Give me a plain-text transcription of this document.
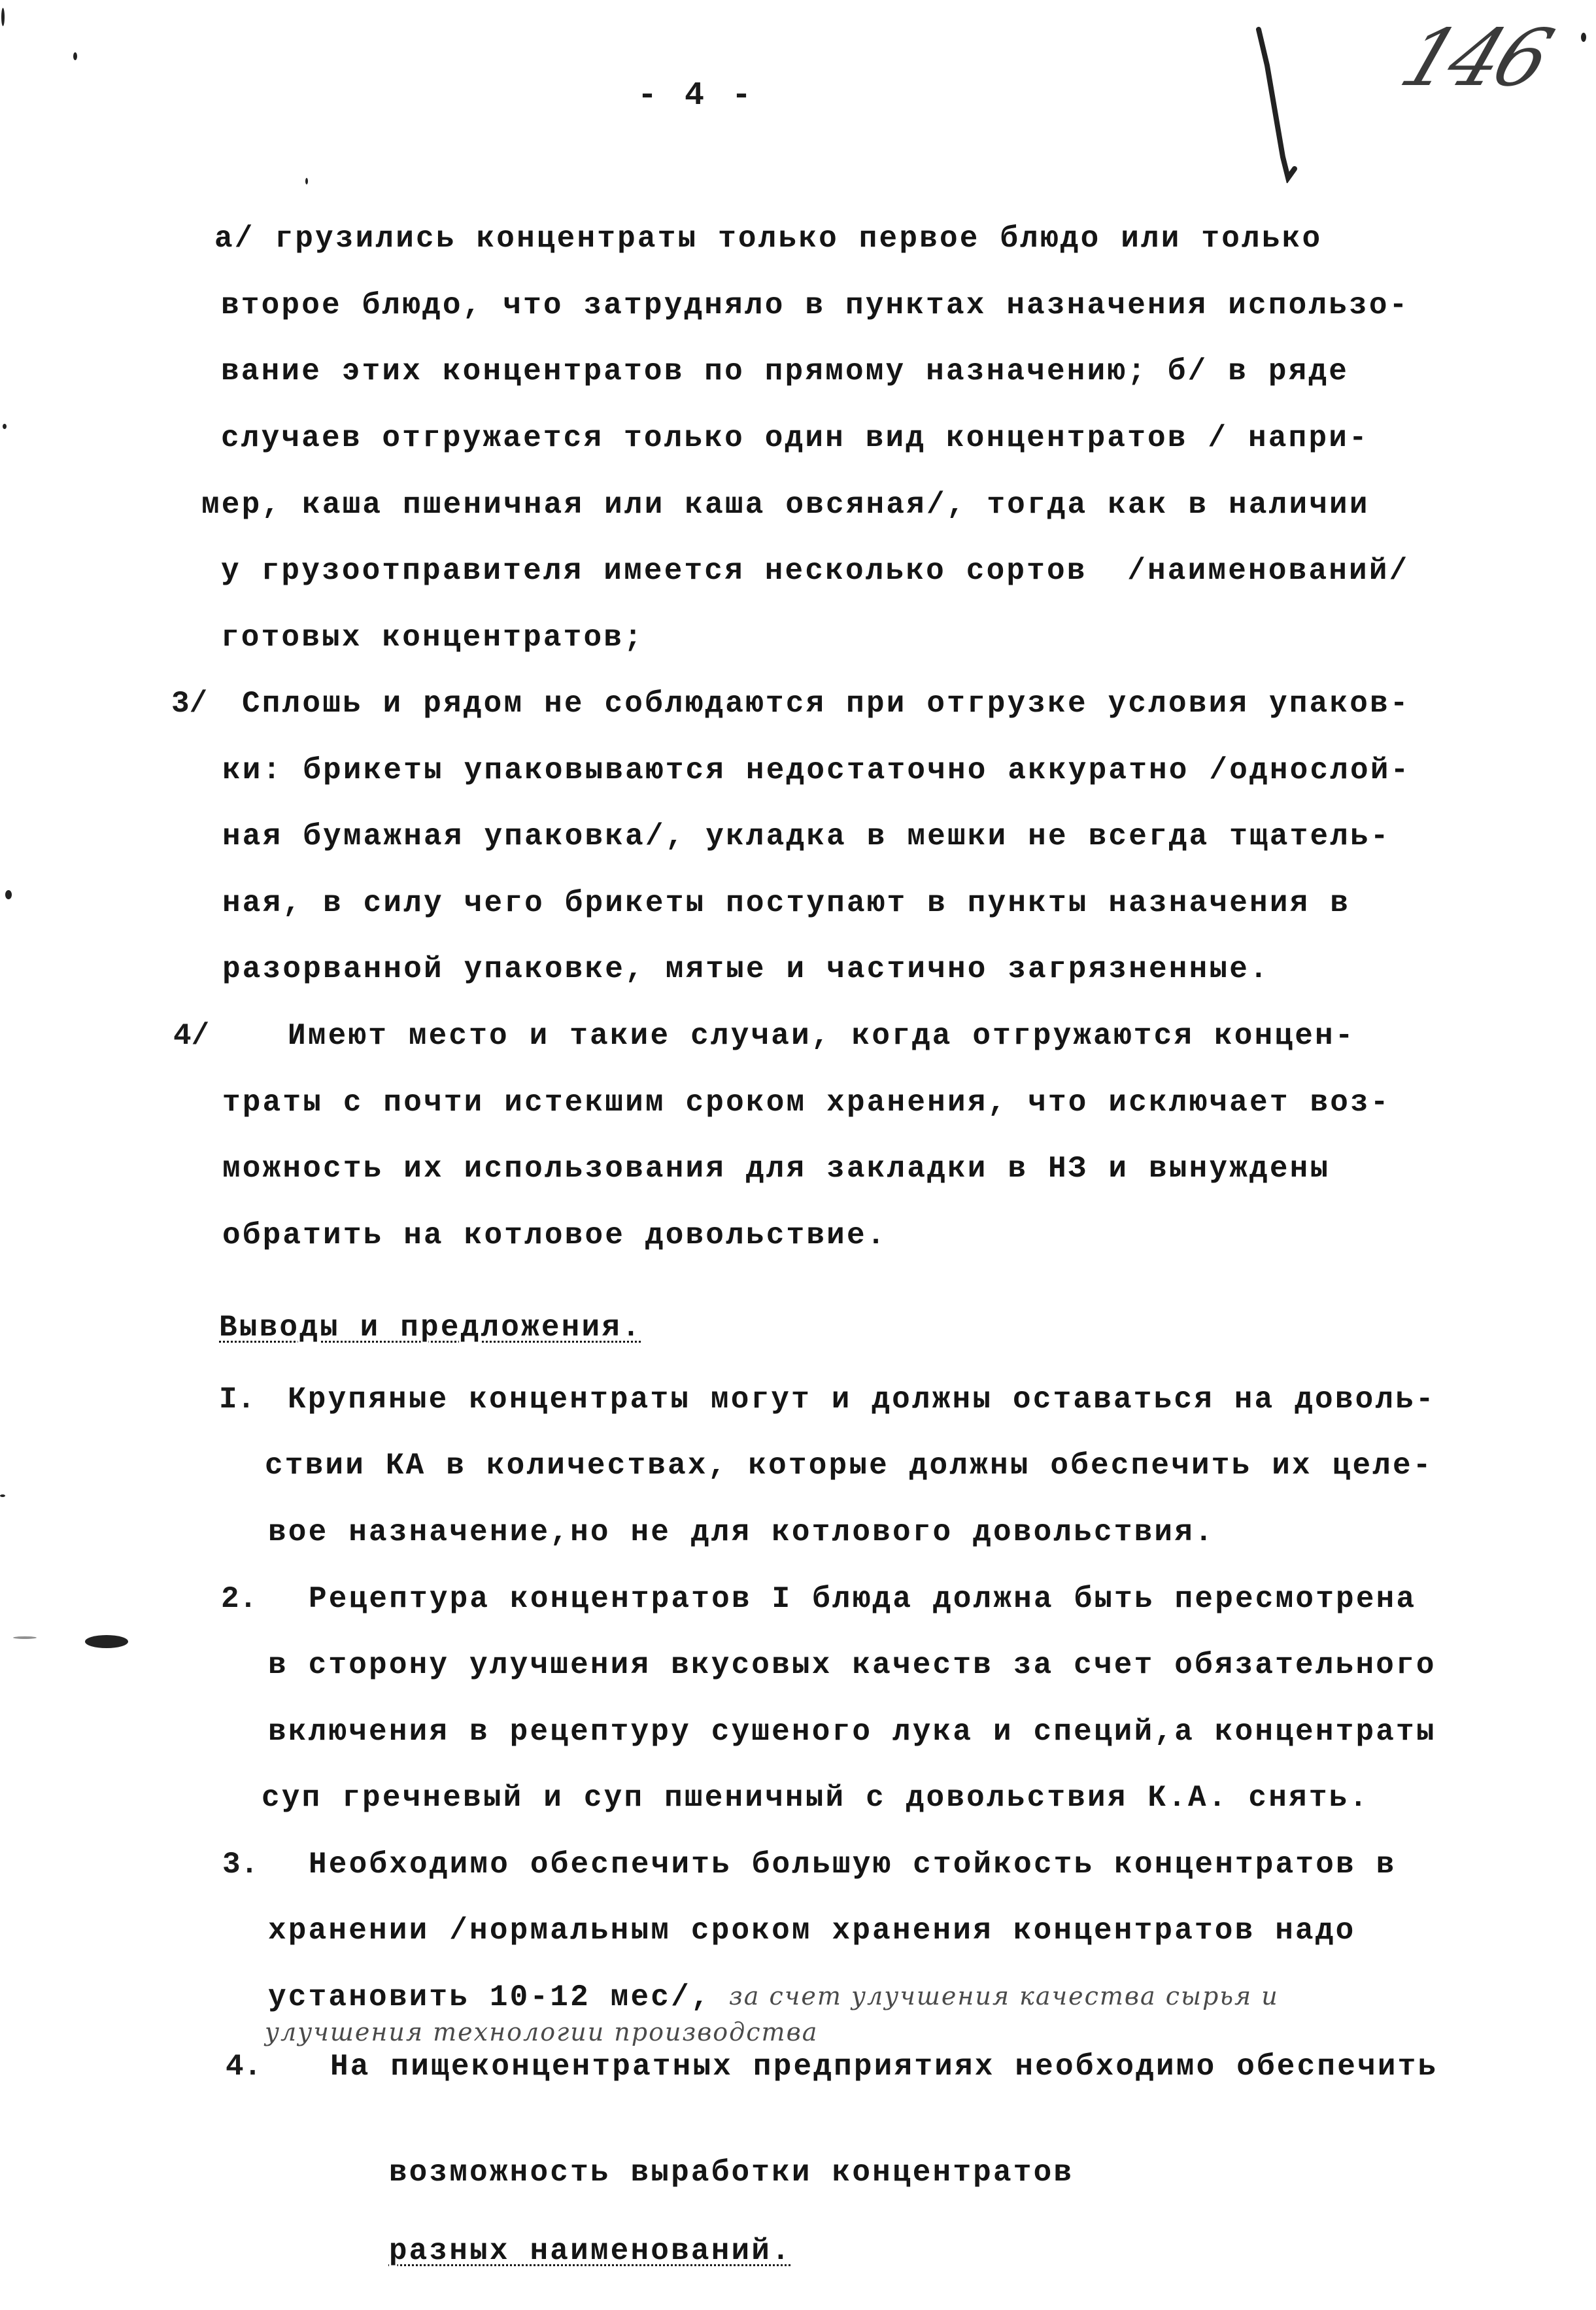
- 4 -	146
а/ грузились концентраты только первое блюдо или только
второе блюдо, что затрудняло в пунктах назначения использо-
вание этих концентратов по прямому назначению; б/ в ряде
случаев отгружается только один вид концентратов / напри-
мер, каша пшеничная или каша овсяная/, тогда как в наличии
у грузоотправителя имеется несколько сортов  /наименований/
готовых концентратов;
3/ Сплошь и рядом не соблюдаются при отгрузке условия упаков-
ки: брикеты упаковываются недостаточно аккуратно /однослой-
ная бумажная упаковка/, укладка в мешки не всегда тщатель-
ная, в силу чего брикеты поступают в пункты назначения в
разорванной упаковке, мятые и частично загрязненные.
4/	Имеют место и такие случаи, когда отгружаются концен-
траты с почти истекшим сроком хранения, что исключает воз-
можность их использования для закладки в НЗ и вынуждены
обратить на котловое довольствие.
Выводы и предложения.
I. Крупяные концентраты могут и должны оставаться на доволь-
ствии КА в количествах, которые должны обеспечить их целе-
вое назначение,но не для котлового довольствия.
2. Рецептура концентратов I блюда должна быть пересмотрена
в сторону улучшения вкусовых качеств за счет обязательного
включения в рецептуру сушеного лука и специй,а концентраты
суп гречневый и суп пшеничный с довольствия К.А. снять.
3. Необходимо обеспечить большую стойкость концентратов в
хранении /нормальным сроком хранения концентратов надо
установить 10-12 мес/, за счет улучшения качества сырья и
улучшения технологии производства
4. На пищеконцентратных предприятиях необходимо обеспечить

возможность выработки концентратов

разных наименований.
